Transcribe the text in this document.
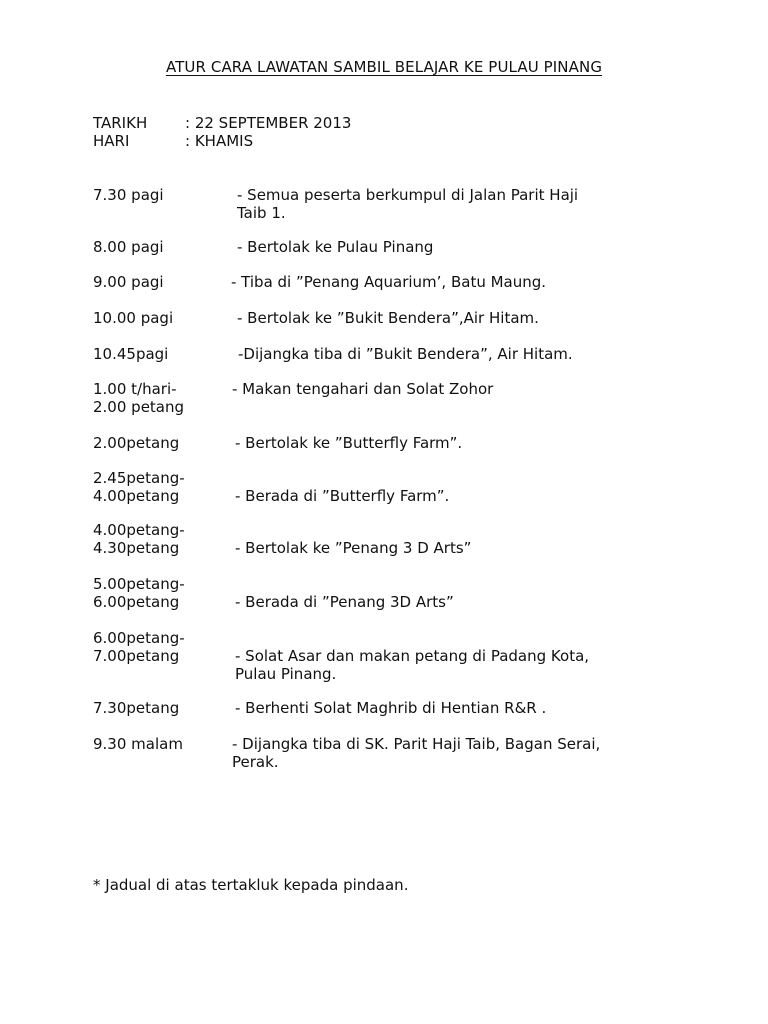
ATUR CARA LAWATAN SAMBIL BELAJAR KE PULAU PINANG
TARIKH	: 22 SEPTEMBER 2013
HARI	: KHAMIS
7.30 pagi	- Semua peserta berkumpul di Jalan Parit Haji
Taib 1.
8.00 pagi	- Bertolak ke Pulau Pinang
9.00 pagi	- Tiba di ”Penang Aquarium’, Batu Maung.
10.00 pagi	- Bertolak ke ”Bukit Bendera”,Air Hitam.
10.45pagi	-Dijangka tiba di ”Bukit Bendera”, Air Hitam.
1.00 t/hari-
2.00 petang
- Makan tengahari dan Solat Zohor
2.00petang	- Bertolak ke ”Butterfly Farm”.
2.45petang-
4.00petang	
- Berada di ”Butterfly Farm”.
4.00petang-
4.30petang	
- Bertolak ke ”Penang 3 D Arts”
5.00petang-
6.00petang	
- Berada di ”Penang 3D Arts”
6.00petang-
7.00petang	
- Solat Asar dan makan petang di Padang Kota,
Pulau Pinang.
7.30petang	- Berhenti Solat Maghrib di Hentian R&R .
9.30 malam	- Dijangka tiba di SK. Parit Haji Taib, Bagan Serai,
Perak.
* Jadual di atas tertakluk kepada pindaan.
